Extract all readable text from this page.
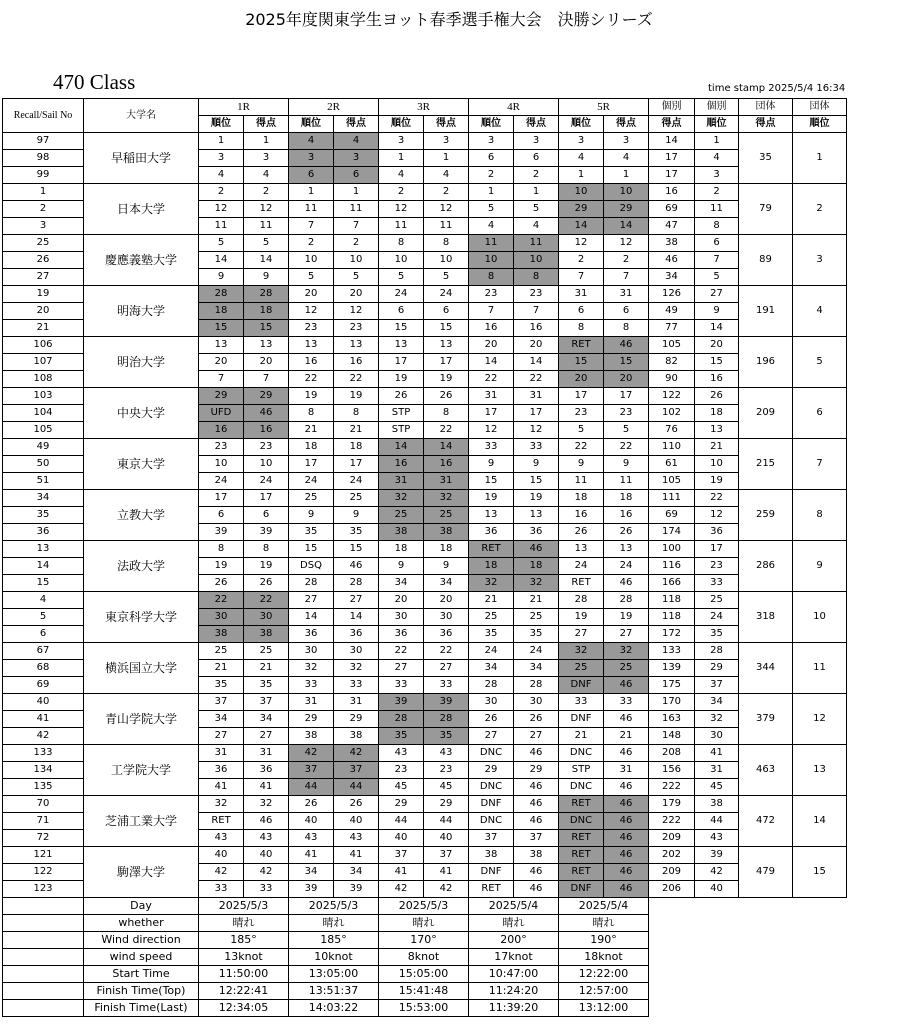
2025年度関東学生ヨット春季選手権大会　決勝シリーズ
470 Class	time stamp 2025/5/4 16:34
Recall/Sail No	大学名	1R		2R		3R		4R		5R		個別	個別	団体	団体
		順位	得点	順位	得点	順位	得点	順位	得点	順位	得点	得点	順位	得点	順位
97	早稲田大学	1	1	4	4	3	3	3	3	3	3	14	1	35	1
98		3	3	3	3	1	1	6	6	4	4	17	4		
99		4	4	6	6	4	4	2	2	1	1	17	3		
1	日本大学	2	2	1	1	2	2	1	1	10	10	16	2	79	2
2		12	12	11	11	12	12	5	5	29	29	69	11		
3		11	11	7	7	11	11	4	4	14	14	47	8		
25	慶應義塾大学	5	5	2	2	8	8	11	11	12	12	38	6	89	3
26		14	14	10	10	10	10	10	10	2	2	46	7		
27		9	9	5	5	5	5	8	8	7	7	34	5		
19	明海大学	28	28	20	20	24	24	23	23	31	31	126	27	191	4
20		18	18	12	12	6	6	7	7	6	6	49	9		
21		15	15	23	23	15	15	16	16	8	8	77	14		
106	明治大学	13	13	13	13	13	13	20	20	RET	46	105	20	196	5
107		20	20	16	16	17	17	14	14	15	15	82	15		
108		7	7	22	22	19	19	22	22	20	20	90	16		
103	中央大学	29	29	19	19	26	26	31	31	17	17	122	26	209	6
104		UFD	46	8	8	STP	8	17	17	23	23	102	18		
105		16	16	21	21	STP	22	12	12	5	5	76	13		
49	東京大学	23	23	18	18	14	14	33	33	22	22	110	21	215	7
50		10	10	17	17	16	16	9	9	9	9	61	10		
51		24	24	24	24	31	31	15	15	11	11	105	19		
34	立教大学	17	17	25	25	32	32	19	19	18	18	111	22	259	8
35		6	6	9	9	25	25	13	13	16	16	69	12		
36		39	39	35	35	38	38	36	36	26	26	174	36		
13	法政大学	8	8	15	15	18	18	RET	46	13	13	100	17	286	9
14		19	19	DSQ	46	9	9	18	18	24	24	116	23		
15		26	26	28	28	34	34	32	32	RET	46	166	33		
4	東京科学大学	22	22	27	27	20	20	21	21	28	28	118	25	318	10
5		30	30	14	14	30	30	25	25	19	19	118	24		
6		38	38	36	36	36	36	35	35	27	27	172	35		
67	横浜国立大学	25	25	30	30	22	22	24	24	32	32	133	28	344	11
68		21	21	32	32	27	27	34	34	25	25	139	29		
69		35	35	33	33	33	33	28	28	DNF	46	175	37		
40	青山学院大学	37	37	31	31	39	39	30	30	33	33	170	34	379	12
41		34	34	29	29	28	28	26	26	DNF	46	163	32		
42		27	27	38	38	35	35	27	27	21	21	148	30		
133	工学院大学	31	31	42	42	43	43	DNC	46	DNC	46	208	41	463	13
134		36	36	37	37	23	23	29	29	STP	31	156	31		
135		41	41	44	44	45	45	DNC	46	DNC	46	222	45		
70	芝浦工業大学	32	32	26	26	29	29	DNF	46	RET	46	179	38	472	14
71		RET	46	40	40	44	44	DNC	46	DNC	46	222	44		
72		43	43	43	43	40	40	37	37	RET	46	209	43		
121	駒澤大学	40	40	41	41	37	37	38	38	RET	46	202	39	479	15
122		42	42	34	34	41	41	DNF	46	RET	46	209	42		
123		33	33	39	39	42	42	RET	46	DNF	46	206	40		
	Day	2025/5/3		2025/5/3		2025/5/3		2025/5/4		2025/5/4					
	whether	晴れ		晴れ		晴れ		晴れ		晴れ					
	Wind direction	185°		185°		170°		200°		190°					
	wind speed	13knot		10knot		8knot		17knot		18knot					
	Start Time	11:50:00		13:05:00		15:05:00		10:47:00		12:22:00					
	Finish Time(Top)	12:22:41		13:51:37		15:41:48		11:24:20		12:57:00					
	Finish Time(Last)	12:34:05		14:03:22		15:53:00		11:39:20		13:12:00					
